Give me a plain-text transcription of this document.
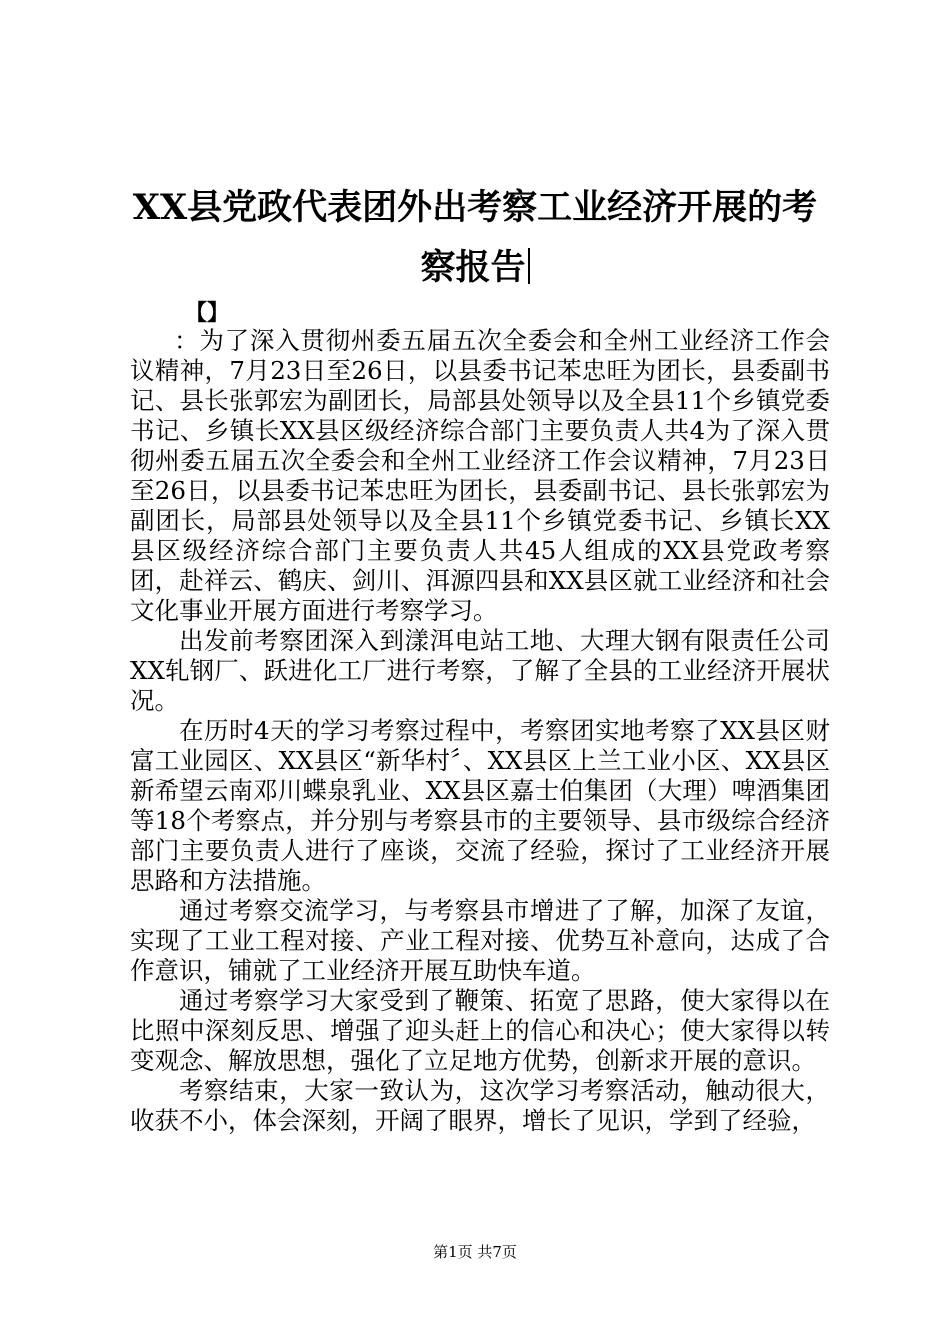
XX县党政代表团外出考察工业经济开展的考
察报告
【】

：为了深入贯彻州委五届五次全委会和全州工业经济工作会议精神，7月23日至26日，以县委书记苯忠旺为团长，县委副书记、县长张郭宏为副团长，局部县处领导以及全县11个乡镇党委书记、乡镇长XX县区级经济综合部门主要负责人共4为了深入贯彻州委五届五次全委会和全州工业经济工作会议精神，7月23日至26日，以县委书记苯忠旺为团长，县委副书记、县长张郭宏为副团长，局部县处领导以及全县11个乡镇党委书记、乡镇长XX县区级经济综合部门主要负责人共45人组成的XX县党政考察团，赴祥云、鹤庆、剑川、洱源四县和XX县区就工业经济和社会文化事业开展方面进行考察学习。

出发前考察团深入到漾洱电站工地、大理大钢有限责任公司XX轧钢厂、跃进化工厂进行考察，了解了全县的工业经济开展状况。

在历时4天的学习考察过程中，考察团实地考察了XX县区财富工业园区、XX县区“新华村〞、XX县区上兰工业小区、XX县区新希望云南邓川蝶泉乳业、XX县区嘉士伯集团（大理）啤酒集团等18个考察点，并分别与考察县市的主要领导、县市级综合经济部门主要负责人进行了座谈，交流了经验，探讨了工业经济开展思路和方法措施。

通过考察交流学习，与考察县市增进了了解，加深了友谊，实现了工业工程对接、产业工程对接、优势互补意向，达成了合作意识，铺就了工业经济开展互助快车道。

通过考察学习大家受到了鞭策、拓宽了思路，使大家得以在比照中深刻反思、增强了迎头赶上的信心和决心；使大家得以转变观念、解放思想，强化了立足地方优势，创新求开展的意识。

考察结束，大家一致认为，这次学习考察活动，触动很大，收获不小，体会深刻，开阔了眼界，增长了见识，学到了经验，

第1页 共7页
